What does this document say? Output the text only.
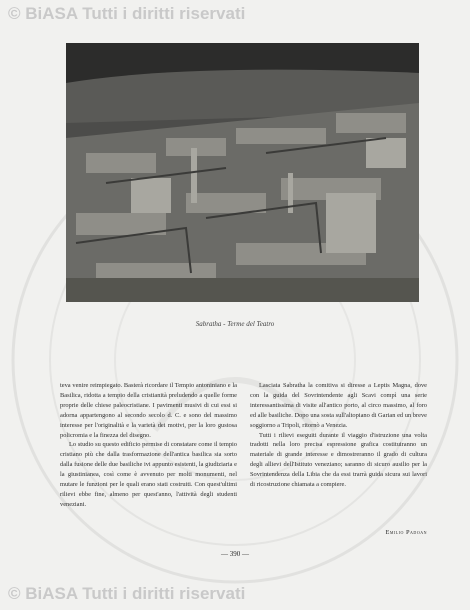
© BiASA Tutti i diritti riservati
Sabratha - Terme del Teatro

teva venire reimpiegato. Basterà ricordare il Tempio antoniniano e la Basilica, ridotta a tempio della cristianità preludendo a quelle forme proprie delle chiese paleocristiane. I pavimenti musivi di cui essi si adorna appartengono al secondo secolo d. C. e sono del massimo interesse per l'originalità e la varietà dei motivi, per la loro gustosa policromia e la finezza del disegno.

Lo studio su questo edificio permise di constatare come il tempio cristiano più che dalla trasformazione dell'antica basilica sia sorto dalla fusione delle due basiliche ivi appunto esistenti, la giudiziaria e la giustinianea, così come è avvenuto per molti monumenti, nel mutare le funzioni per le quali erano stati costruiti. Con quest'ultimi rilievi ebbe fine, almeno per quest'anno, l'attività degli studenti veneziani.

Lasciata Sabratha la comitiva si diresse a Leptis Magna, dove con la guida del Sovrintendente agli Scavi compì una serie interessantissima di visite all'antico porto, al circo massimo, al foro ed alle basiliche. Dopo una sosta sull'altopiano di Garian ed un breve soggiorno a Tripoli, ritornò a Venezia.

Tutti i rilievi eseguiti durante il viaggio d'istruzione una volta tradotti nella loro precisa espressione grafica costituiranno un materiale di grande interesse e dimostreranno il grado di cultura degli allievi dell'Istituto veneziano; saranno di sicuro ausilio per la Sovrintendenza della Libia che da essi trarrà guida sicura sui lavori di ricostruzione chiamata a compiere.

Emilio Padoan
— 390 —
© BiASA Tutti i diritti riservati
